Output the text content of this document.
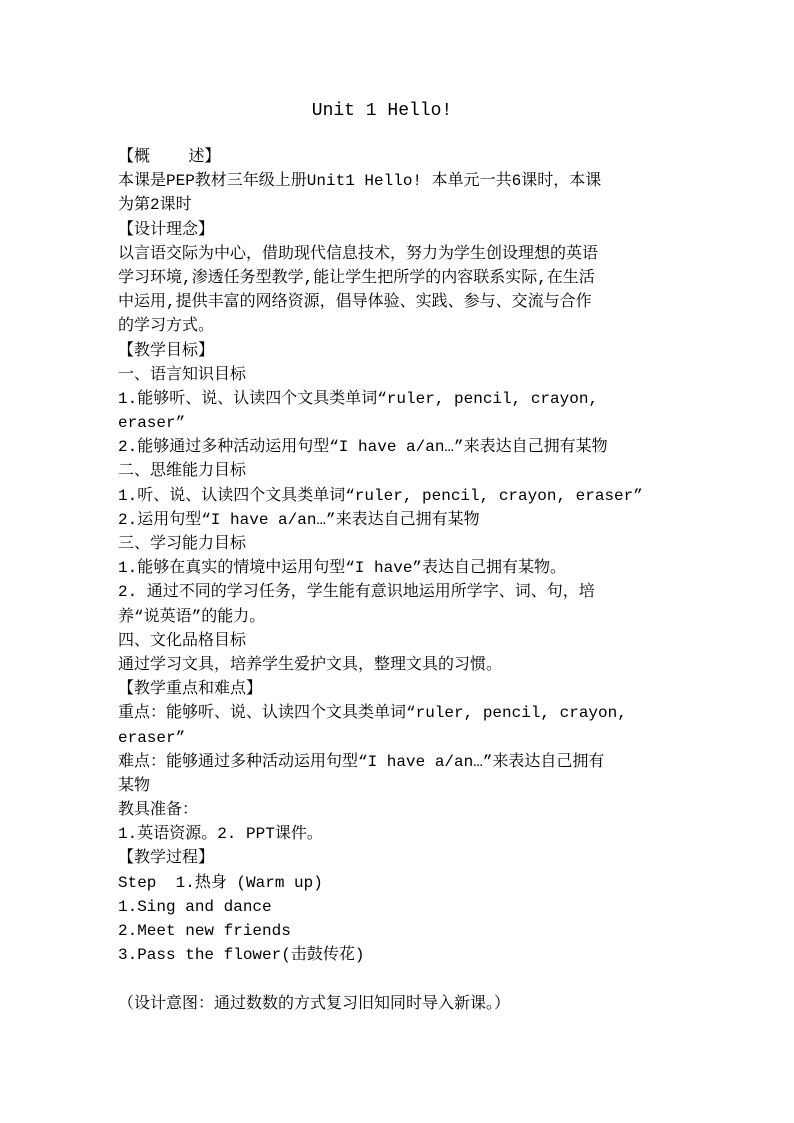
Unit 1 Hello!
【概    述】
本课是PEP教材三年级上册Unit1 Hello! 本单元一共6课时，本课
为第2课时
【设计理念】
以言语交际为中心，借助现代信息技术，努力为学生创设理想的英语
学习环境,渗透任务型教学,能让学生把所学的内容联系实际,在生活
中运用,提供丰富的网络资源，倡导体验、实践、参与、交流与合作
的学习方式。
【教学目标】
一、语言知识目标
1.能够听、说、认读四个文具类单词“ruler, pencil, crayon,
eraser”
2.能够通过多种活动运用句型“I have a/an…”来表达自己拥有某物
二、思维能力目标
1.听、说、认读四个文具类单词“ruler, pencil, crayon, eraser”
2.运用句型“I have a/an…”来表达自己拥有某物
三、学习能力目标
1.能够在真实的情境中运用句型“I have”表达自己拥有某物。
2. 通过不同的学习任务，学生能有意识地运用所学字、词、句，培
养“说英语”的能力。
四、文化品格目标
通过学习文具，培养学生爱护文具，整理文具的习惯。
【教学重点和难点】
重点：能够听、说、认读四个文具类单词“ruler, pencil, crayon,
eraser”
难点：能够通过多种活动运用句型“I have a/an…”来表达自己拥有
某物
教具准备：
1.英语资源。2. PPT课件。
【教学过程】
Step  1.热身 (Warm up)
1.Sing and dance
2.Meet new friends
3.Pass the flower(击鼓传花)
（设计意图：通过数数的方式复习旧知同时导入新课。）
